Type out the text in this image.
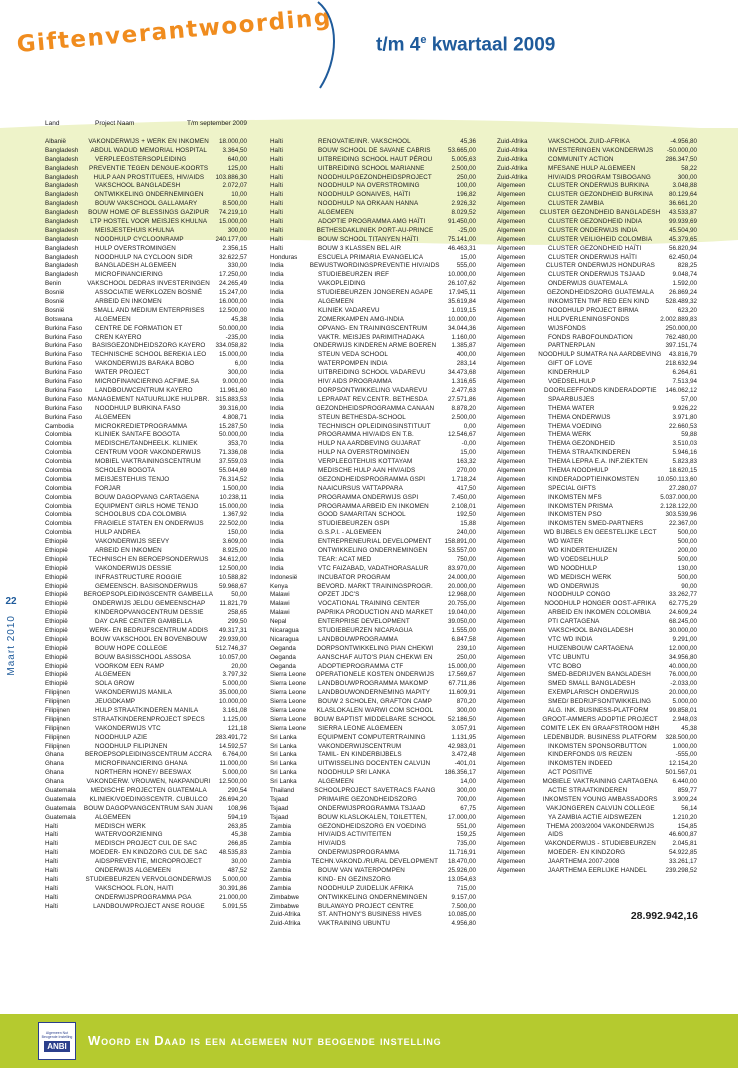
Giftenverantwoording t/m 4e kwartaal 2009
22
Maart 2010
Land	Project Naam	T/m september 2009
Albanië	VAKONDERWIJS + WERK EN INKOMEN	18.000,00
Bangladesh	ABDUL WADUD MEMORIAL HOSPITAL	3.364,50
Bangladesh	VERPLEEGSTERSOPLEIDING	640,00
Bangladesh	PREVENTIE TEGEN DENGUE-KOORTS	125,00
Bangladesh	HULP AAN PROSTITUEES, HIV/AIDS	103.886,30
Bangladesh	VAKSCHOOL BANGLADESH	2.072,07
Bangladesh	ONTWIKKELING ONDERNEMINGEN	10,00
Bangladesh	BOUW VAKSCHOOL GALLAMARY	8.500,00
Bangladesh	BOUW HOME OF BLESSINGS GAZIPUR	74.219,10
Bangladesh	LTP HOSTEL VOOR MEISJES KHULNA	15.000,00
Bangladesh	MEISJESTEHUIS KHULNA	300,00
Bangladesh	NOODHULP CYCLOONRAMP	240.177,00
Bangladesh	HULP OVERSTROMINGEN	2.356,15
Bangladesh	NOODHULP NA CYCLOON SIDR	32.622,57
Bangladesh	BANGLADESH ALGEMEEN	330,00
Bangladesh	MICROFINANCIERING	17.250,00
Benin	VAKSCHOOL DEDRAS INVESTERINGEN	24.265,49
Bosnië	ASSOCIATIE WERKLOZEN BOSNIË	15.247,00
Bosnië	ARBEID EN INKOMEN	16.000,00
Bosnië	SMALL AND MEDIUM ENTERPRISES	12.500,00
Botswana	ALGEMEEN	45,38
Burkina Faso	CENTRE DE FORMATION ET	50.000,00
Burkina Faso	CREN KAYERO	-235,00
Burkina Faso	BASISGEZONDHEIDSZORG KAYERO	334.058,82
Burkina Faso	TECHNISCHE SCHOOL BEREKIA LEO	15.000,00
Burkina Faso	VAKONDERWIJS BARAKA BOBO	6,00
Burkina Faso	WATER PROJECT	300,00
Burkina Faso	MICROFINANCIERING ACFIME.SA	9.000,00
Burkina Faso	LANDBOUWCENTRUM KAYERO	11.961,60
Burkina Faso MANAGEMENT NATUURLIJKE HULPBR. 315.883,53
Burkina Faso	NOODHULP BURKINA FASO	39.316,00
Burkina Faso	ALGEMEEN	4.808,71
Cambodia	MICROKREDIETPROGRAMMA	15.287,50
Colombia	KLINIEK SANTAFE BOGOTA	50.000,00
Colombia	MEDISCHE/TANDHEELK. KLINIEK	353,70
Colombia	CENTRUM VOOR VAKONDERWIJS	71.336,08
Colombia	MOBIEL VAKTRAININGSCENTRUM	37.559,03
Colombia	SCHOLEN BOGOTA	55.044,69
Colombia	MEISJESTEHUIS TENJO	76.314,52
Colombia	FORJAR	1.500,00
Colombia	BOUW DAGOPVANG CARTAGENA	10.238,11
Colombia	EQUIPMENT GIRLS HOME TENJO	15.000,00
Colombia	SCHOOLBUS CDA COLOMBIA	1.367,92
Colombia	FRAGIELE STATEN EN ONDERWIJS	22.502,00
Colombia	HULP ANDREA	150,00
Ethiopië	VAKONDERWIJS SEEVY	3.609,00
Ethiopië	ARBEID EN INKOMEN	8.925,00
Ethiopië	TECHNISCH EN BEROEPSONDERWIJS	34.612,00
Ethiopië	VAKONDERWIJS DESSIE	12.500,00
Ethiopië	INFRASTRUCTURE ROGGIE	10.588,82
Ethiopië	GEMEENSCH. BASISONDERWIJS	59.968,67
Ethiopië	BEROEPSOPLEIDINGSCENTR GAMBELLA	50,00
Ethiopië	ONDERWIJS JELDU GEMEENSCHAP	11.821,79
Ethiopië	KINDEROPVANGCENTRUM DESSIE	258,65
Ethiopië	DAY CARE CENTER GAMBELLA	299,50
Ethiopië	WERK- EN BEDRIJFSCENTRUM ADDIS	49.317,31
Ethiopië	BOUW VAKSCHOOL EN BOVENBOUW	29.939,00
Ethiopië	BOUW HOPE COLLEGE	512.746,37
Ethiopië	BOUW BASISSCHOOL ASSOSA	10.057,00
Ethiopië	VOORKOM EEN RAMP	20,00
Ethiopië	ALGEMEEN	3.797,32
Ethiopië	SOLA GROW	5.000,00
Filipijnen	VAKONDERWIJS MANILA	35.000,00
Filipijnen	JEUGDKAMP	10.000,00
Filipijnen	HULP STRAATKINDEREN MANILA	3.161,08
Filipijnen	STRAATKINDERENPROJECT SPECS	1.125,00
Filipijnen	VAKONDERWIJS VTC	121,18
Filipijnen	NOODHULP AZIE	283.491,72
Filipijnen	NOODHULP FILIPIJNEN	14.592,57
Ghana	BEROEPSOPLEIDINGSCENTRUM ACCRA	6.764,00
Ghana	MICROFINANCIERING GHANA	11.000,00
Ghana	NORTHERN HONEY/ BEESWAX	5.000,00
Ghana	VAKONDERW. VROUWEN, NAKPANDURI	12.500,00
Guatemala	MEDISCHE PROJECTEN GUATEMALA	290,54
Guatemala	KLINIEK/VOEDINGSCENTR. CUBULCO	26.694,20
Guatemala	BOUW DAGOPVANGCENTRUM SAN JUAN	108,96
Guatemala	ALGEMEEN	594,19
Haïti	MEDISCH WERK	263,85
Haïti	WATERVOORZIENING	45,38
Haïti	MEDISCH PROJECT CUL DE SAC	266,85
Haïti	MOEDER- EN KINDZORG CUL DE SAC	48.535,83
Haïti	AIDSPREVENTIE, MICROPROJECT	30,00
Haïti	ONDERWIJS ALGEMEEN	487,52
Haïti	STUDIEBEURZEN VERVOLGONDERWIJS	5.000,00
Haïti	VAKSCHOOL FLON, HAITI	30.391,86
Haïti	ONDERWIJSPROGRAMMA PGA	21.000,00
Haïti	LANDBOUWPROJECT ANSE ROUGE	5.091,55
Haïti	RENOVATIE/INR. VAKSCHOOL	45,36
Haïti	BOUW SCHOOL DE SAVANE CABRIS	53.665,00
Haïti	UITBREIDING SCHOOL HAUT PÉROU	5.005,63
Haïti	UITBREIDING SCHOOL MARIANNE	2.500,00
Haïti	NOODHULPGEZONDHEIDSPROJECT	250,00
Haïti	NOODHULP NA OVERSTROMING	100,00
Haïti	NOODHULP GONAIVES, HAÏTI	196,82
Haïti	NOODHULP NA ORKAAN HANNA	2.926,32
Haïti	ALGEMEEN	8.029,52
Haïti	ADOPTIE PROGRAMMA AMG HAÏTI	91.450,00
Haïti	BETHESDAKLINIEK PORT-AU-PRINCE	-25,00
Haïti	BOUW SCHOOL TITANYEN HAÏTI	75.141,00
Haïti	BOUW 3 KLASSEN BEL AIR	46.463,31
Honduras	ESCUELA PRIMARIA EVANGELICA	15,00
India	BEWUSTWORDINGSPREVENTIE HIV/AIDS	555,00
India	STUDIEBEURZEN IREF	10.000,00
India	VAKOPLEIDING	26.107,62
India	STUDIEBEURZEN JONGEREN AGAPE	17.945,11
India	ALGEMEEN	35.619,84
India	KLINIEK VADAREVU	1.019,15
India	ZOMERKAMPEN AMG-INDIA	10.000,00
India	OPVANG- EN TRAININGSCENTRUM	34.044,36
India	VAKTR. MEISJES PARIMITHADAKA	1.160,00
India	ONDERWIJS KINDEREN ARME BOEREN	1.385,87
India	STEUN VEDA SCHOOL	400,00
India	WATERPOMPEN INDIA	283,14
India	UITBREIDING SCHOOL VADAREVU	34.473,68
India	HIV/ AIDS PROGRAMMA	1.316,65
India	DORPSONTWIKKELING VADAREVU	2.477,63
India	LEPRAPAT REV.CENTR. BETHESDA	27.571,86
India	GEZONDHEIDSPROGRAMMA CANAAN	8.878,20
India	STEUN BETHESDA-SCHOOL	2.500,00
India	TECHNISCH OPLEIDINGSINSTITUUT	0,00
India	PROGRAMMA HIV/AIDS EN T.B.	12.546,67
India	HULP NA AARDBEVING GUJARAT	-0,00
India	HULP NA OVERSTROMINGEN	15,00
India	VERPLEEGTEHUIS KOTTAYAM	163,32
India	MEDISCHE HULP AAN HIV/AIDS	270,00
India	GEZONDHEIDSPROGRAMMA GSPI	1.718,24
India	NAAICURSUS VATTAPPARA	417,50
India	PROGRAMMA ONDERWIJS GSPI	7.450,00
India	PROGRAMMA ARBEID EN INKOMEN	2.108,01
India	GOOD SAMARITAN SCHOOL	192,50
India	STUDIEBEURZEN GSPI	15,88
India	G.S.P.I. - ALGEMEEN	240,00
India	ENTREPRENEURIAL DEVELOPMENT	158.891,00
India	ONTWIKKELING ONDERNEMINGEN	53.557,00
India	TEAR: ACAT MED	750,00
India	VTC FAIZABAD, VADATHORASALUR	83.970,00
Indonesië	INCUBATOR PROGRAM	24.000,00
Kenya	BEVORD. MARKT TRAININGSPROGR.	20.000,00
Malawi	OPZET JDC'S	12.968,00
Malawi	VOCATIONAL TRAINING CENTER	20.755,00
Malawi	PAPRIKA PRODUCTION AND MARKET	19.040,00
Nepal	ENTERPRISE DEVELOPMENT	39.050,00
Nicaragua	STUDIEBEURZEN NICARAGUA	1.555,00
Nicaragua	LANDBOUWPROGRAMMA	6.847,58
Oeganda	DORPSONTWIKKELING PIAN CHEKWI	239,10
Oeganda	AANSCHAF AUTO'S PIAN CHEKWI EN	250,00
Oeganda	ADOPTIEPROGRAMMA CTF	15.000,00
Sierra Leone	OPERATIONELE KOSTEN ONDERWIJS	17.569,67
Sierra Leone	LANDBOUWPROGRAMMA MAKOMP	67.711,86
Sierra Leone	LANDBOUWONDERNEMING MAPITY	11.609,91
Sierra Leone	BOUW 2 SCHOLEN, GRAFTON CAMP	870,20
Sierra Leone	KLASLOKALEN WARWI COM SCHOOL	300,00
Sierra Leone	BOUW BAPTIST MIDDELBARE SCHOOL	52.186,50
Sierra Leone	SIERRA LEONE ALGEMEEN	3.057,91
Sri Lanka	EQUIPMENT COMPUTERTRAINING	1.131,95
Sri Lanka	VAKONDERWIJSCENTRUM	42.983,01
Sri Lanka	TAMIL- EN KINDERBIJBELS	3.472,48
Sri Lanka	UITWISSELING DOCENTEN CALVIJN	-401,01
Sri Lanka	NOODHULP SRI LANKA	186.356,17
Sri Lanka	ALGEMEEN	14,00
Thailand	SCHOOLPROJECT SAVETRACS FAANG	300,00
Tsjaad	PRIMAIRE GEZONDHEIDSZORG	700,00
Tsjaad	ONDERWIJSPROGRAMMA TSJAAD	67,75
Tsjaad	BOUW KLASLOKALEN, TOILETTEN,	17.000,00
Zambia	GEZONDHEIDSZORG EN VOEDING	551,00
Zambia	HIV/AIDS ACTIVITEITEN	159,25
Zambia	HIV/AIDS	735,00
Zambia	ONDERWIJSPROGRAMMA	11.716,91
Zambia	TECHN.VAKOND./RURAL DEVELOPMENT	18.470,00
Zambia	BOUW VAN WATERPOMPEN	25.926,00
Zambia	KIND- EN GEZINSZORG	13.054,63
Zambia	NOODHULP ZUIDELIJK AFRIKA	715,00
Zimbabwe	ONTWIKKELING ONDERNEMINGEN	9.157,00
Zimbabwe	BULAWAYO PROJECT CENTRE	7.500,00
Zuid-Afrika	ST. ANTHONY'S BUSINESS HIVES	10.085,00
Zuid-Afrika	VAKTRAINING UBUNTU	4.956,80
Zuid-Afrika	VAKSCHOOL ZUID-AFRIKA	-4.956,80
Zuid-Afrika	INVESTERINGEN VAKONDERWIJS	-50.000,00
Zuid-Afrika	COMMUNITY ACTION	286.347,50
Zuid-Afrika	MFESANE HULP ALGEMEEN	58,22
Zuid-Afrika	HIV/AIDS PROGRAM TSIBOGANG	300,00
Algemeen	CLUSTER ONDERWIJS BURKINA	3.048,88
Algemeen	CLUSTER GEZONDHEID BURKINA	80.129,64
Algemeen	CLUSTER ZAMBIA	36.661,20
Algemeen	CLUSTER GEZONDHEID BANGLADESH	43.533,87
Algemeen	CLUSTER GEZONDHEID INDIA	99.939,69
Algemeen	CLUSTER ONDERWIJS INDIA	45.504,90
Algemeen	CLUSTER VEILIGHEID COLOMBIA	45.379,65
Algemeen	CLUSTER GEZONDHEID HAÏTI	56.820,94
Algemeen	CLUSTER ONDERWIJS HAÏTI	62.450,04
Algemeen	CLUSTER ONDERWIJS HONDURAS	828,25
Algemeen	CLUSTER ONDERWIJS TSJAAD	9.048,74
Algemeen	ONDERWIJS GUATEMALA	1.592,00
Algemeen	GEZONDHEIDSZORG GUATEMALA	26.869,24
Algemeen	INKOMSTEN TMF RED EEN KIND	528.489,32
Algemeen	NOODHULP PROJECT BIRMA	623,20
Algemeen	HULPVERLENINGSFONDS	2.002.889,83
Algemeen	WIJSFONDS	250.000,00
Algemeen	FONDS RABOFOUNDATION	762.480,00
Algemeen	PARTNERPLAN	397.151,74
Algemeen	NOODHULP SUMATRA NA AARDBEVING	43.816,79
Algemeen	GIFT OF LOVE	218.632,94
Algemeen	KINDERHULP	6.264,61
Algemeen	VOEDSELHULP	7.513,94
Algemeen	DOORLEEFFONDS KINDERADOPTIE	146.062,12
Algemeen	SPAARBUSJES	57,00
Algemeen	THEMA WATER	9.926,22
Algemeen	THEMA ONDERWIJS	3.971,80
Algemeen	THEMA VOEDING	22.660,53
Algemeen	THEMA WERK	59,88
Algemeen	THEMA GEZONDHEID	3.510,03
Algemeen	THEMA STRAATKINDEREN	5.946,16
Algemeen	THEMA LEPRA E.A. INF.ZIEKTEN	5.823,83
Algemeen	THEMA NOODHULP	18.620,15
Algemeen	KINDERADOPTIEINKOMSTEN	10.050.113,60
Algemeen	SPECIAL GIFTS	27.280,07
Algemeen	INKOMSTEN MFS	5.037.000,00
Algemeen	INKOMSTEN PRISMA	2.128.122,00
Algemeen	INKOMSTEN PSO	303.539,96
Algemeen	INKOMSTEN SMED-PARTNERS	22.367,00
Algemeen	WD BIJBELS EN GEESTELIJKE LECT	500,00
Algemeen	WD WATER	500,00
Algemeen	WD KINDERTEHUIZEN	200,00
Algemeen	WD VOEDSELHULP	500,00
Algemeen	WD NOODHULP	130,00
Algemeen	WD MEDISCH WERK	500,00
Algemeen	WD ONDERWIJS	90,00
Algemeen	NOODHULP CONGO	33.262,77
Algemeen	NOODHULP HONGER OOST-AFRIKA	62.775,29
Algemeen	ARBEID EN INKOMEN COLOMBIA	24.609,24
Algemeen	PTI CARTAGENA	68.245,00
Algemeen	VAKSCHOOL BANGLADESH	30.000,00
Algemeen	VTC WD INDIA	9.291,00
Algemeen	HUIZENBOUW CARTAGENA	12.000,00
Algemeen	VTC UBUNTU	34.956,80
Algemeen	VTC BOBO	40.000,00
Algemeen	SMED-BEDRIJVEN BANGLADESH	76.000,00
Algemeen	SMED SMALL BANGLADESH	-2.033,00
Algemeen	EXEMPLARISCH ONDERWIJS	20.000,00
Algemeen	SMED/ BEDRIJFSONTWIKKELING	5.000,00
Algemeen	ALG. INK. BUSINESS-PLATFORM	99.858,01
Algemeen	GROOT-AMMERS ADOPTIE PROJECT	2.948,03
Algemeen	COMITE LEK EN GRAAFSTROOM HØH	45,38
Algemeen	LEDENBIJDR. BUSINESS PLATFORM	328.500,00
Algemeen	INKOMSTEN SPONSORBUTTON	1.000,00
Algemeen	KINDERFONDS 0/S REIZEN	-555,00
Algemeen	INKOMSTEN INDEED	12.154,20
Algemeen	ACT POSITIVE	501.567,01
Algemeen	MOBIELE VAKTRAINING CARTAGENA	6.440,00
Algemeen	ACTIE STRAATKINDEREN	859,77
Algemeen	INKOMSTEN YOUNG AMBASSADORS	3.909,24
Algemeen	VAKJONGEREN CALVIJN COLLEGE	56,14
Algemeen	YA ZAMBIA ACTIE AIDSWEZEN	1.210,20
Algemeen	THEMA 2003/2004 VAKONDERWIJS	154,85
Algemeen	AIDS	46.600,87
Algemeen	VAKONDERWIJS - STUDIEBEURZEN	2.045,81
Algemeen	MOEDER- EN KINDZORG	54.922,85
Algemeen	JAARTHEMA 2007-2008	33.261,17
Algemeen	JAARTHEMA EERLIJKE HANDEL	239.298,52
28.992.942,16
Algemeen Nut Beogende Instelling
ANBI Woord en Daad is een algemeen nut beogende instelling
